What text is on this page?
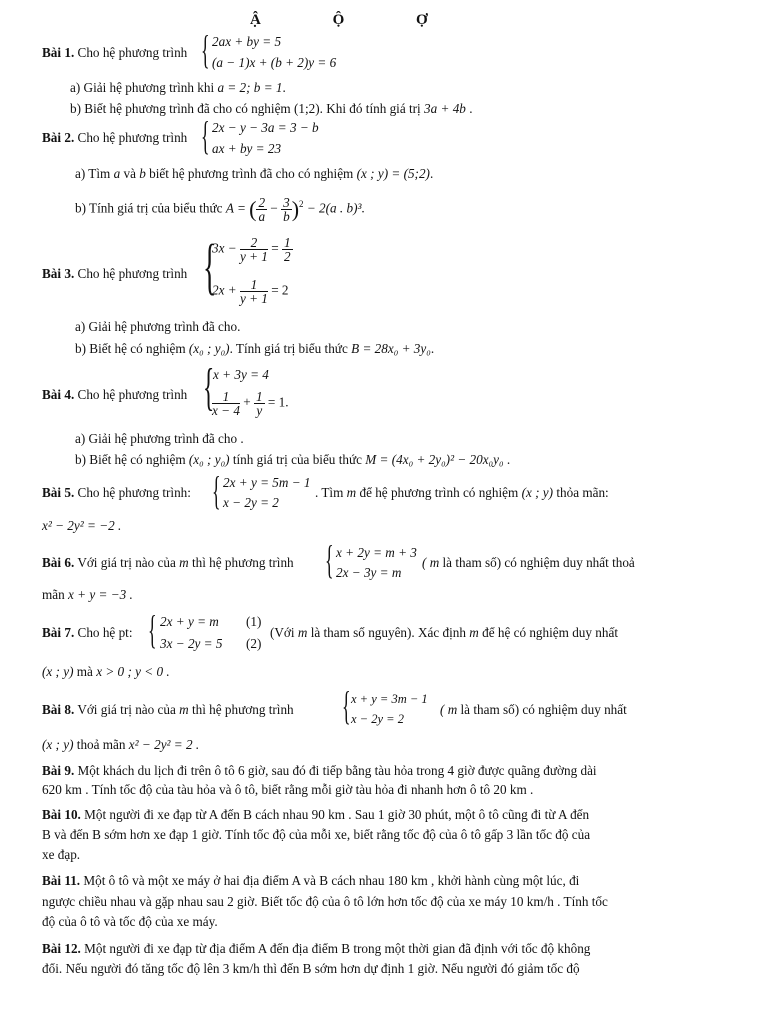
Ậ Ộ Ợ
Bài 1. Cho hệ phương trình { 2ax + by = 5
(a − 1)x + (b + 2)y = 6
a) Giải hệ phương trình khi a = 2; b = 1.
b) Biết hệ phương trình đã cho có nghiệm (1;2). Khi đó tính giá trị 3a + 4b .
Bài 2. Cho hệ phương trình { 2x − y − 3a = 3 − b
ax + by = 23
a) Tìm a và b biết hệ phương trình đã cho có nghiệm (x ; y) = (5;2).
b) Tính giá trị của biểu thức A = ( $\frac{2}{a} - \frac{3}{b} )^2 - 2(a$ . b)³.
{
Bài 3. Cho hệ phương trình
$3x - \frac{2}{y + 1} = \frac{1}{2}$
$2x + \frac{1}{y + 1} = 2$
a) Giải hệ phương trình đã cho.
b) Biết hệ có nghiệm (x₀ ; y₀). Tính giá trị biểu thức B = 28x₀ + 3y₀.
{
Bài 4. Cho hệ phương trình
x + 3y = 4
$\frac{1}{x - 4} + \frac{1}{y} = 1$.
a) Giải hệ phương trình đã cho .
b) Biết hệ có nghiệm (x₀ ; y₀) tính giá trị của biểu thức M = (4x₀ + 2y₀)² − 20x₀y₀ .
Bài 5. Cho hệ phương trình: { 2x + y = 5m − 1
x − 2y = 2
. Tìm m để hệ phương trình có nghiệm (x ; y) thỏa mãn:
x² − 2y² = −2 .
Bài 6. Với giá trị nào của m thì hệ phương trình { x + 2y = m + 3
2x − 3y = m
( m là tham số) có nghiệm duy nhất thoả
mãn x + y = −3 .
Bài 7. Cho hệ pt: { 2x + y = m (1)
3x − 2y = 5 (2)
(Với m là tham số nguyên). Xác định m để hệ có nghiệm duy nhất
(x ; y) mà x > 0 ; y < 0 .
Bài 8. Với giá trị nào của m thì hệ phương trình { x + y = 3m − 1
x − 2y = 2
( m là tham số) có nghiệm duy nhất
(x ; y) thoả mãn x² − 2y² = 2 .
Bài 9. Một khách du lịch đi trên ô tô 6 giờ, sau đó đi tiếp bằng tàu hỏa trong 4 giờ được quãng đường dài
620 km . Tính tốc độ của tàu hỏa và ô tô, biết rằng mỗi giờ tàu hỏa đi nhanh hơn ô tô 20 km .
Bài 10. Một người đi xe đạp từ A đến B cách nhau 90 km . Sau 1 giờ 30 phút, một ô tô cũng đi từ A đến
B và đến B sớm hơn xe đạp 1 giờ. Tính tốc độ của mỗi xe, biết rằng tốc độ của ô tô gấp 3 lần tốc độ của
xe đạp.
Bài 11. Một ô tô và một xe máy ở hai địa điểm A và B cách nhau 180 km , khởi hành cùng một lúc, đi
ngược chiều nhau và gặp nhau sau 2 giờ. Biết tốc độ của ô tô lớn hơn tốc độ của xe máy 10 km/h . Tính tốc
độ của ô tô và tốc độ của xe máy.
Bài 12. Một người đi xe đạp từ địa điểm A đến địa điểm B trong một thời gian đã định với tốc độ không
đổi. Nếu người đó tăng tốc độ lên 3 km/h thì đến B sớm hơn dự định 1 giờ. Nếu người đó giảm tốc độ
